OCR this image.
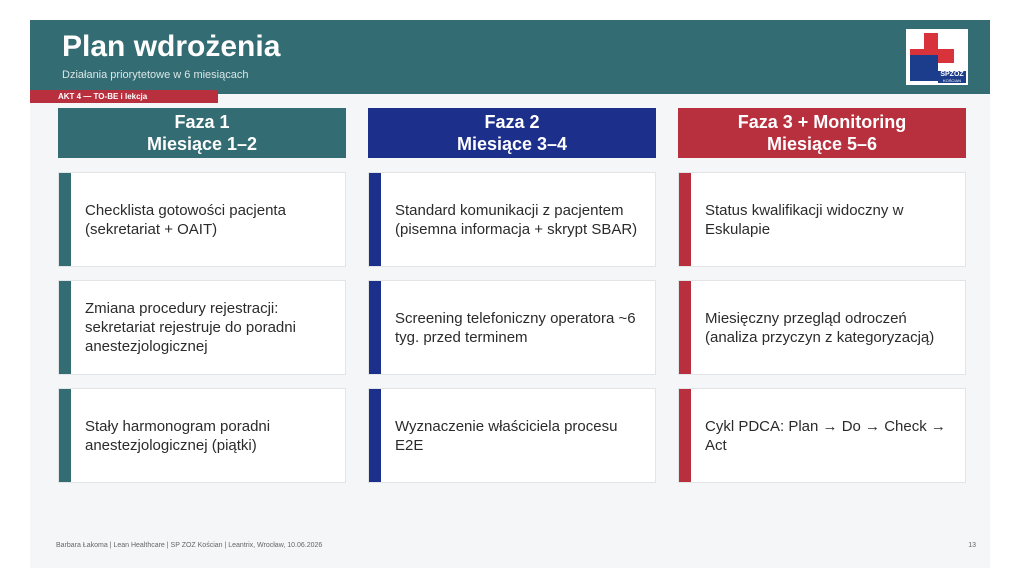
Plan wdrożenia
Działania priorytetowe w 6 miesiącach	SPZOZ
KOŚCIAN
AKT 4 — TO-BE i lekcja
Faza 1
Miesiące 1–2
Checklista gotowości pacjenta (sekretariat + OAIT)
Zmiana procedury rejestracji: sekretariat rejestruje do poradni anestezjologicznej
Stały harmonogram poradni anestezjologicznej (piątki)
Faza 2
Miesiące 3–4
Standard komunikacji z pacjentem (pisemna informacja + skrypt SBAR)
Screening telefoniczny operatora ~6 tyg. przed terminem
Wyznaczenie właściciela procesu E2E
Faza 3 + Monitoring
Miesiące 5–6
Status kwalifikacji widoczny w Eskulapie
Miesięczny przegląd odroczeń (analiza przyczyn z kategoryzacją)
Cykl PDCA: Plan → Do → Check → Act
Barbara Łakoma | Lean Healthcare | SP ZOZ Kościan | Leantrix, Wrocław, 10.06.2026	13
